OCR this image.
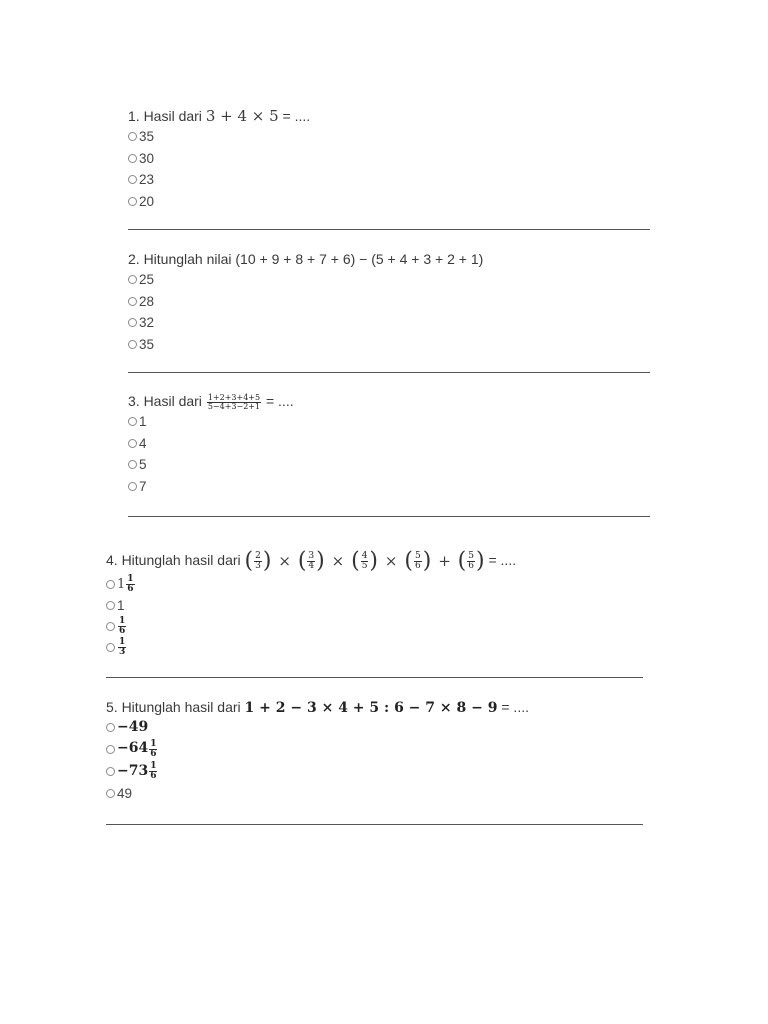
1. Hasil dari 3 + 4 × 5 = ....
35
30
23
20
2. Hitunglah nilai (10 + 9 + 8 + 7 + 6) − (5 + 4 + 3 + 2 + 1)
25
28
32
35
3. Hasil dari $\frac{1+2+3+4+5}{5-4+3-2+1}$ = ....
1
4
5
7
4. Hitunglah hasil dari ( $\frac{2}{3}$ ) × ( $\frac{3}{4}$ ) × ( $\frac{4}{5}$ ) × ( $\frac{5}{6}$ ) + ( $\frac{5}{6}$ ) = ....
$1 \frac{1}{6}$
1
$\frac{1}{6}$
$\frac{1}{3}$
5. Hitunglah hasil dari 1 + 2 − 3 × 4 + 5 : 6 − 7 × 8 − 9 = ....
−49
$-64 \frac{1}{6}$
$-73 \frac{1}{6}$
49
